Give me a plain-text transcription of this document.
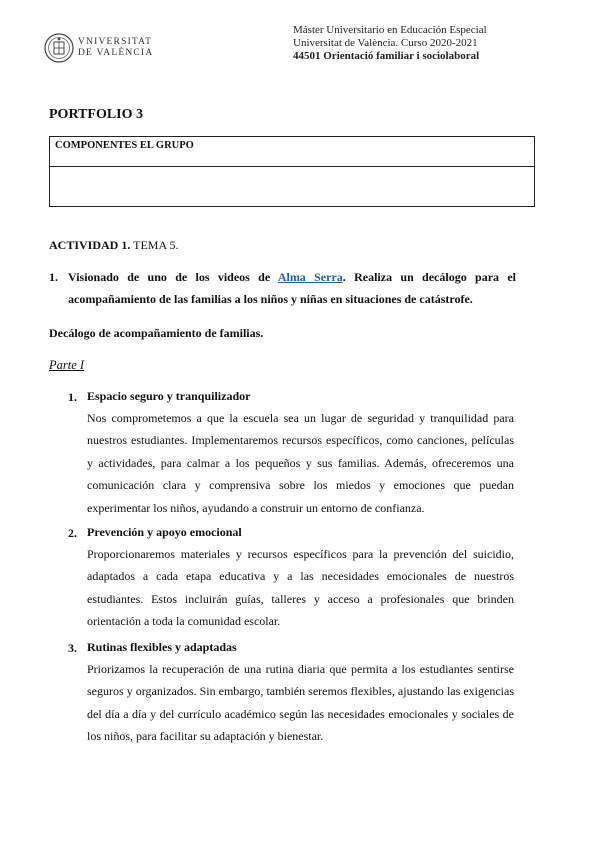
VNIVERSITAT
DE VALÈNCIA
Máster Universitario en Educación Especial
Universitat de València. Curso 2020-2021
44501 Orientació familiar i sociolaboral
PORTFOLIO 3
COMPONENTES EL GRUPO
ACTIVIDAD 1. TEMA 5.
1. Visionado de uno de los videos de Alma Serra. Realiza un decálogo para el acompañamiento de las familias a los niños y niñas en situaciones de catástrofe.
Decálogo de acompañamiento de familias.
Parte I
1. Espacio seguro y tranquilizador
Nos comprometemos a que la escuela sea un lugar de seguridad y tranquilidad para nuestros estudiantes. Implementaremos recursos específicos, como canciones, películas y actividades, para calmar a los pequeños y sus familias. Además, ofreceremos una comunicación clara y comprensiva sobre los miedos y emociones que puedan experimentar los niños, ayudando a construir un entorno de confianza.
2. Prevención y apoyo emocional
Proporcionaremos materiales y recursos específicos para la prevención del suicidio, adaptados a cada etapa educativa y a las necesidades emocionales de nuestros estudiantes. Estos incluirán guías, talleres y acceso a profesionales que brinden orientación a toda la comunidad escolar.
3. Rutinas flexibles y adaptadas
Priorizamos la recuperación de una rutina diaria que permita a los estudiantes sentirse seguros y organizados. Sin embargo, también seremos flexibles, ajustando las exigencias del día a día y del currículo académico según las necesidades emocionales y sociales de los niños, para facilitar su adaptación y bienestar.
